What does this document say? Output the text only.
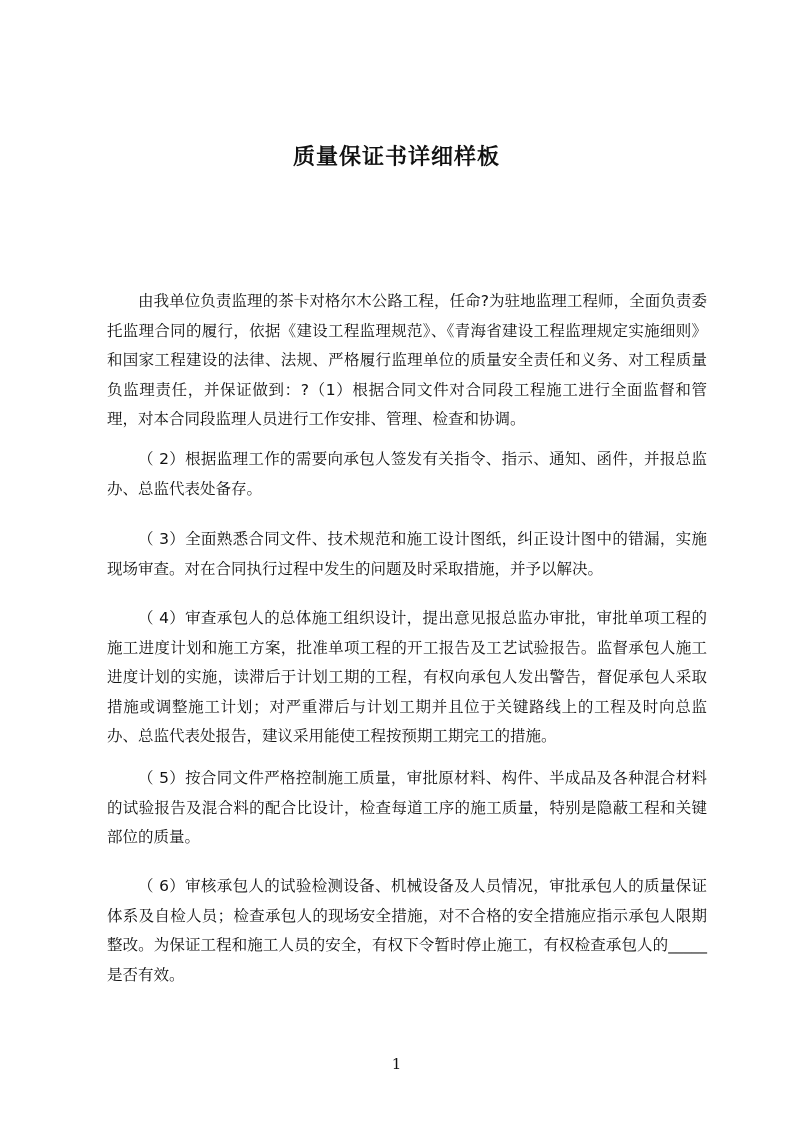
质量保证书详细样板

由我单位负责监理的茶卡对格尔木公路工程，任命?为驻地监理工程师，全面负责委托监理合同的履行，依据《建设工程监理规范》、《青海省建设工程监理规定实施细则》和国家工程建设的法律、法规、严格履行监理单位的质量安全责任和义务、对工程质量负监理责任，并保证做到：?（1）根据合同文件对合同段工程施工进行全面监督和管理，对本合同段监理人员进行工作安排、管理、检查和协调。

（ 2）根据监理工作的需要向承包人签发有关指令、指示、通知、函件，并报总监办、总监代表处备存。

（ 3）全面熟悉合同文件、技术规范和施工设计图纸，纠正设计图中的错漏，实施现场审查。对在合同执行过程中发生的问题及时采取措施，并予以解决。

（ 4）审查承包人的总体施工组织设计，提出意见报总监办审批，审批单项工程的施工进度计划和施工方案，批准单项工程的开工报告及工艺试验报告。监督承包人施工进度计划的实施，读滞后于计划工期的工程，有权向承包人发出警告，督促承包人采取措施或调整施工计划；对严重滞后与计划工期并且位于关键路线上的工程及时向总监办、总监代表处报告，建议采用能使工程按预期工期完工的措施。

（ 5）按合同文件严格控制施工质量，审批原材料、构件、半成品及各种混合材料的试验报告及混合料的配合比设计，检查每道工序的施工质量，特别是隐蔽工程和关键部位的质量。

（ 6）审核承包人的试验检测设备、机械设备及人员情况，审批承包人的质量保证体系及自检人员；检查承包人的现场安全措施，对不合格的安全措施应指示承包人限期整改。为保证工程和施工人员的安全，有权下令暂时停止施工，有权检查承包人的_____是否有效。

1
